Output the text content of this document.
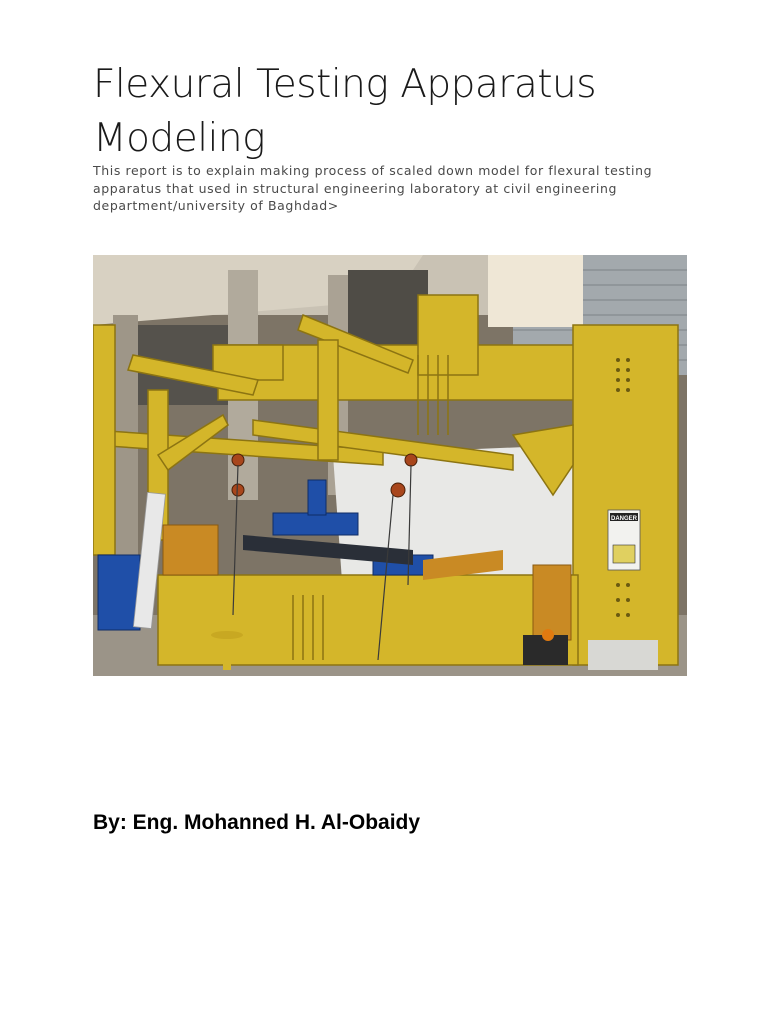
Flexural Testing Apparatus Modeling

This report is to explain making process of scaled down model for flexural testing apparatus that used in structural engineering laboratory at civil engineering department/university of Baghdad>

DANGER

By: Eng. Mohanned H. Al-Obaidy
